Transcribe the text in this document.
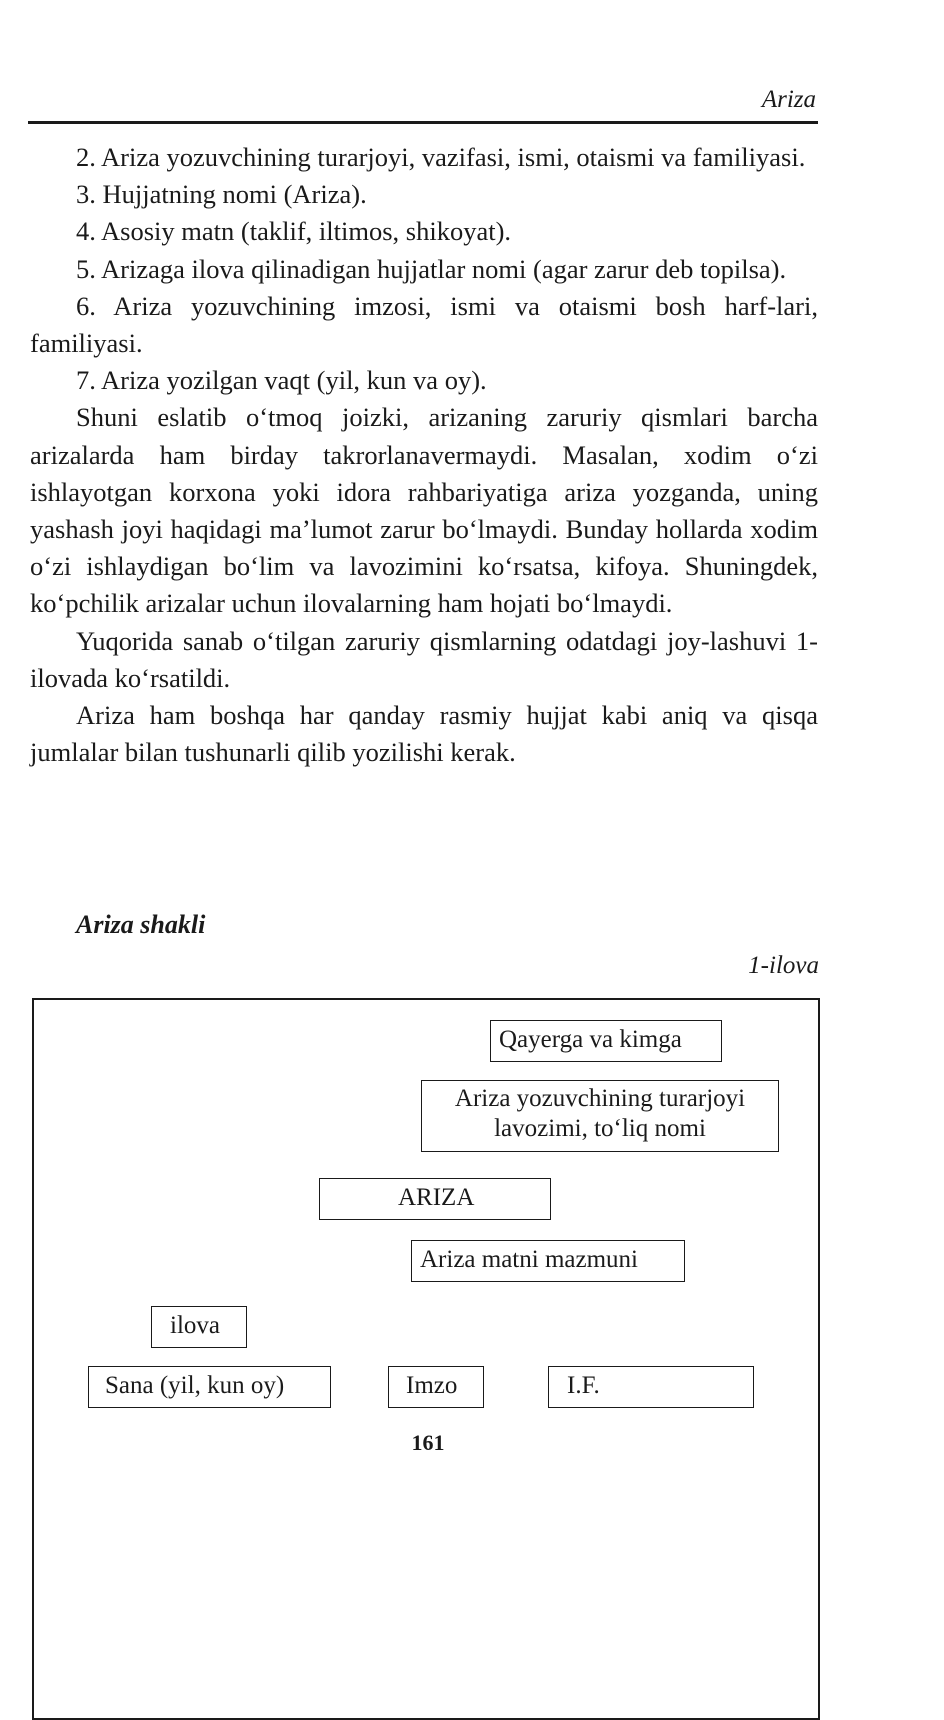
Ariza

2. Ariza yozuvchining turarjoyi, vazifasi, ismi, otaismi va familiyasi.

3. Hujjatning nomi (Ariza).

4. Asosiy matn (taklif, iltimos, shikoyat).

5. Arizaga ilova qilinadigan hujjatlar nomi (agar zarur deb topilsa).

6. Ariza yozuvchining imzosi, ismi va otaismi bosh harf-lari, familiyasi.

7. Ariza yozilgan vaqt (yil, kun va oy).

Shuni eslatib o‘tmoq joizki, arizaning zaruriy qismlari barcha arizalarda ham birday takrorlanavermaydi. Masalan, xodim o‘zi ishlayotgan korxona yoki idora rahbariyatiga ariza yozganda, uning yashash joyi haqidagi ma’lumot zarur bo‘lmaydi. Bunday hollarda xodim o‘zi ishlaydigan bo‘lim va lavozimini ko‘rsatsa, kifoya. Shuningdek, ko‘pchilik arizalar uchun ilovalarning ham hojati bo‘lmaydi.

Yuqorida sanab o‘tilgan zaruriy qismlarning odatdagi joy-lashuvi 1-ilovada ko‘rsatildi.

Ariza ham boshqa har qanday rasmiy hujjat kabi aniq va qisqa jumlalar bilan tushunarli qilib yozilishi kerak.

Ariza shakli
1-ilova
Qayerga va kimga
Ariza yozuvchining turarjoyi
lavozimi, to‘liq nomi
ARIZA
Ariza matni mazmuni
ilova
Sana (yil, kun oy)	Imzo	I.F.
161
